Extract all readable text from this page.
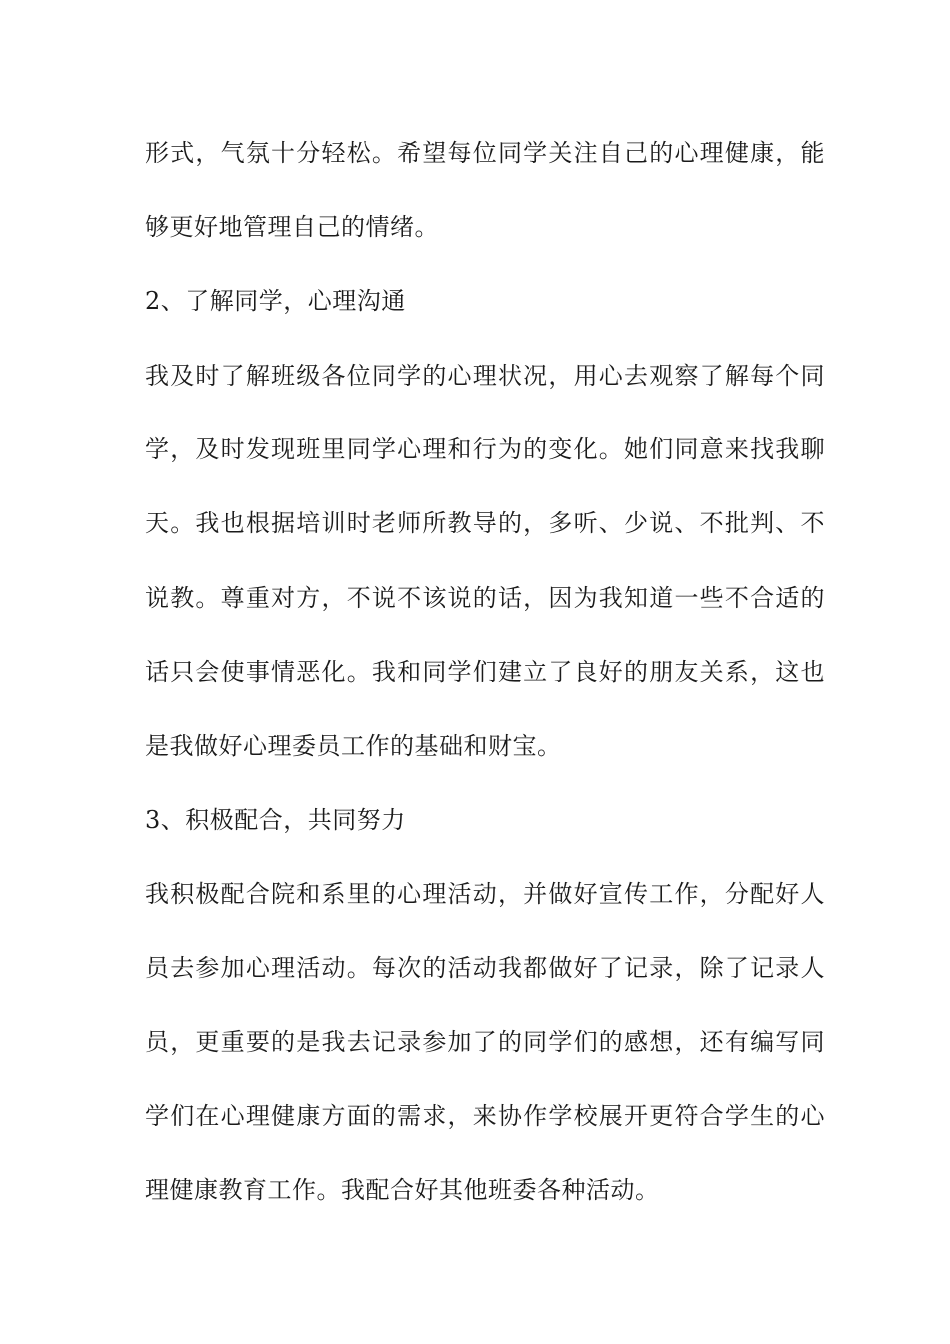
形式，气氛十分轻松。希望每位同学关注自己的心理健康，能
够更好地管理自己的情绪。
2、了解同学，心理沟通
我及时了解班级各位同学的心理状况，用心去观察了解每个同
学，及时发现班里同学心理和行为的变化。她们同意来找我聊
天。我也根据培训时老师所教导的，多听、少说、不批判、不
说教。尊重对方，不说不该说的话，因为我知道一些不合适的
话只会使事情恶化。我和同学们建立了良好的朋友关系，这也
是我做好心理委员工作的基础和财宝。
3、积极配合，共同努力
我积极配合院和系里的心理活动，并做好宣传工作，分配好人
员去参加心理活动。每次的活动我都做好了记录，除了记录人
员，更重要的是我去记录参加了的同学们的感想，还有编写同
学们在心理健康方面的需求，来协作学校展开更符合学生的心
理健康教育工作。我配合好其他班委各种活动。
